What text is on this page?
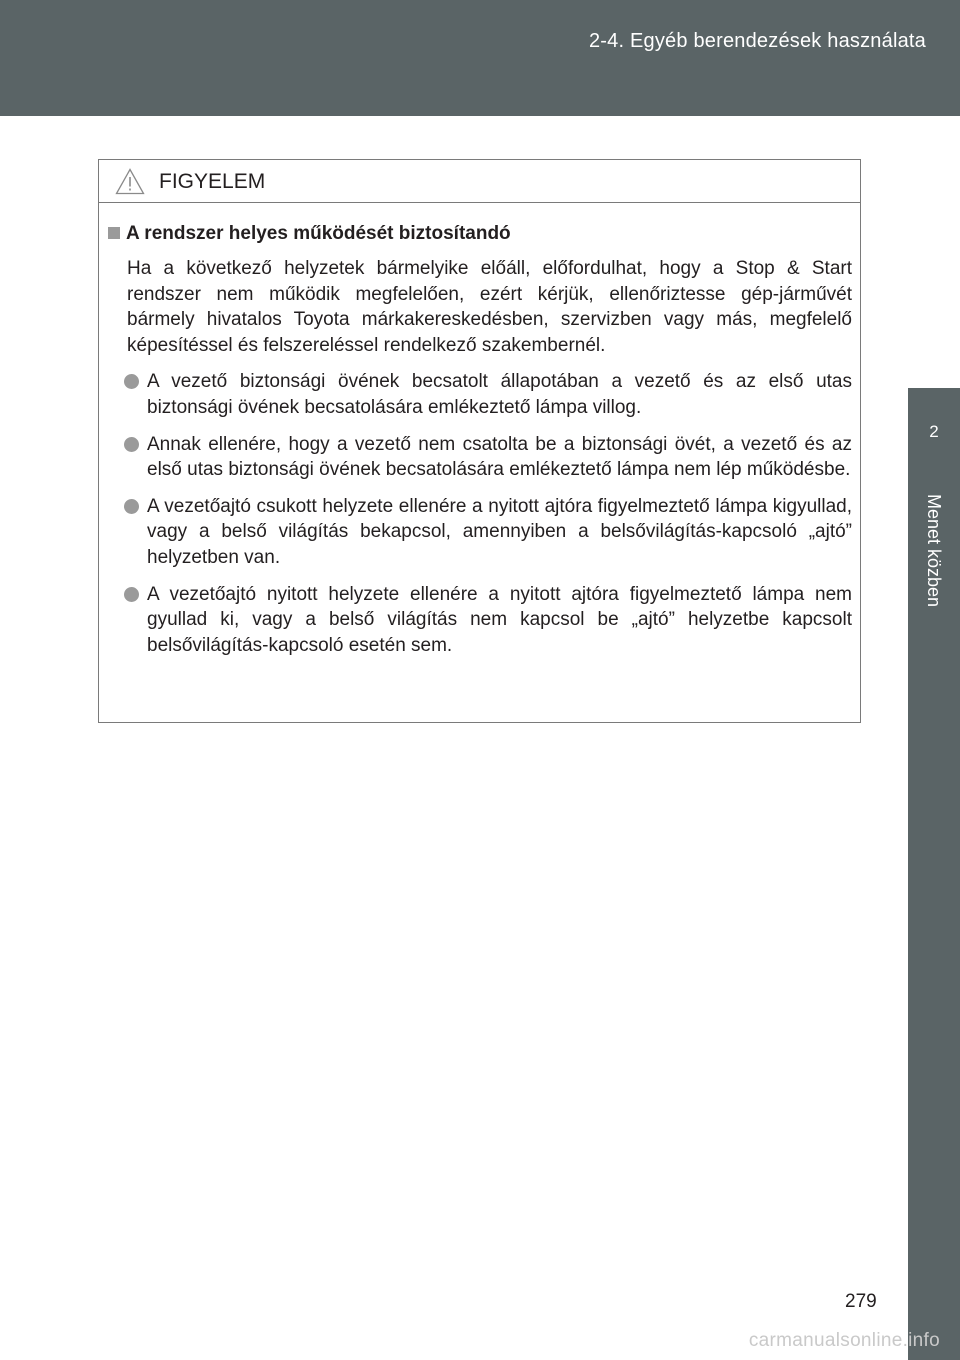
2-4. Egyéb berendezések használata
2
Menet közben
FIGYELEM
A rendszer helyes működését biztosítandó
Ha a következő helyzetek bármelyike előáll, előfordulhat, hogy a Stop & Start rendszer nem működik megfelelően, ezért kérjük, ellenőriztesse gép-járművét bármely hivatalos Toyota márkakereskedésben, szervizben vagy más, megfelelő képesítéssel és felszereléssel rendelkező szakembernél.
A vezető biztonsági övének becsatolt állapotában a vezető és az első utas biztonsági övének becsatolására emlékeztető lámpa villog.
Annak ellenére, hogy a vezető nem csatolta be a biztonsági övét, a vezető és az első utas biztonsági övének becsatolására emlékeztető lámpa nem lép működésbe.
A vezetőajtó csukott helyzete ellenére a nyitott ajtóra figyelmeztető lámpa kigyullad, vagy a belső világítás bekapcsol, amennyiben a belsővilágítás-kapcsoló „ajtó” helyzetben van.
A vezetőajtó nyitott helyzete ellenére a nyitott ajtóra figyelmeztető lámpa nem gyullad ki, vagy a belső világítás nem kapcsol be „ajtó” helyzetbe kapcsolt belsővilágítás-kapcsoló esetén sem.
279
carmanualsonline.info
